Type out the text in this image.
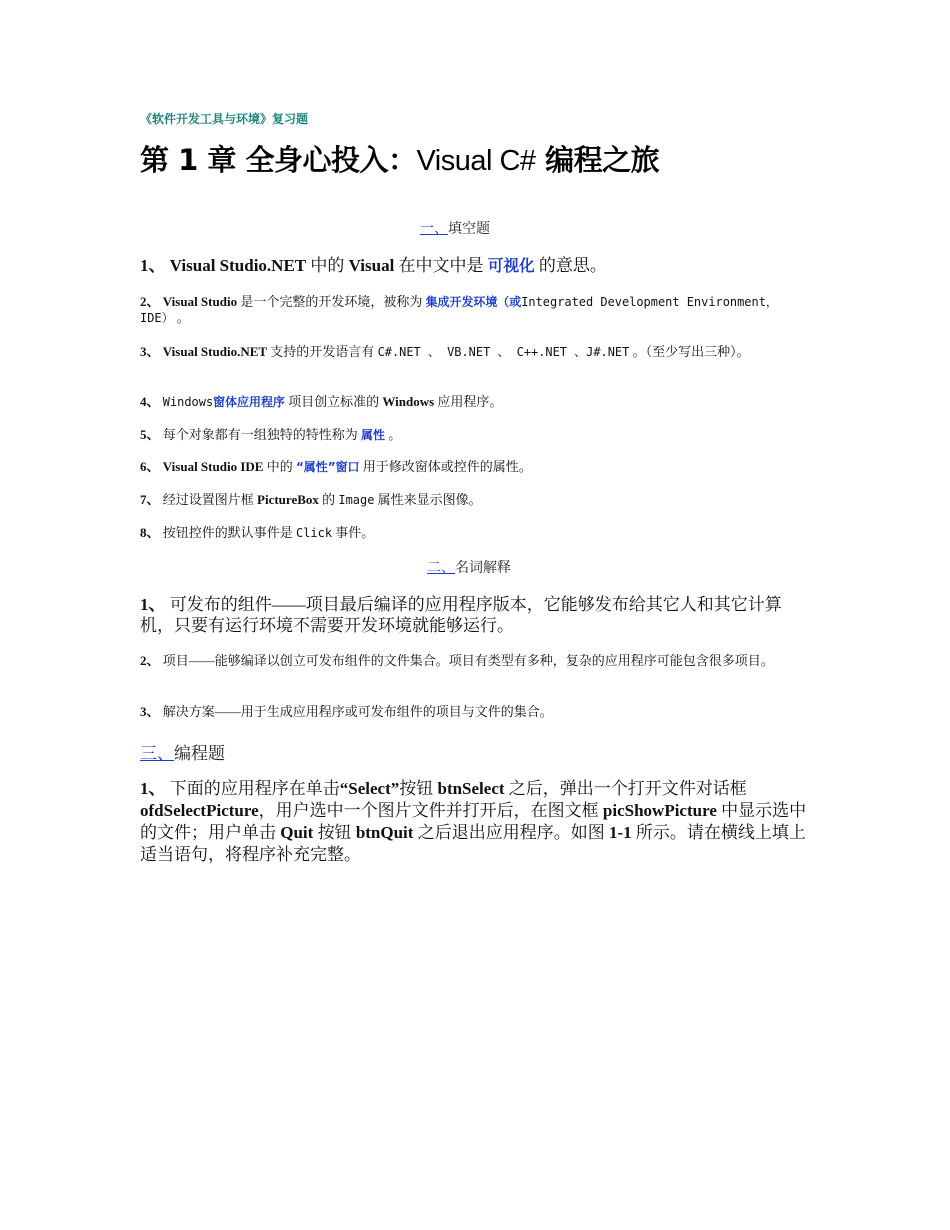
《软件开发工具与环境》复习题
第 1 章 全身心投入：Visual C# 编程之旅
一、填空题
1、 Visual Studio.NET 中的 Visual 在中文中是 可视化 的意思。
2、 Visual Studio 是一个完整的开发环境，被称为 集成开发环境（或Integrated Development Environment， IDE） 。
3、 Visual Studio.NET 支持的开发语言有 C#.NET 、 VB.NET 、 C++.NET 、J#.NET 。（至少写出三种）。
4、 Windows窗体应用程序 项目创立标准的 Windows 应用程序。
5、 每个对象都有一组独特的特性称为 属性 。
6、 Visual Studio IDE 中的 “属性”窗口 用于修改窗体或控件的属性。
7、 经过设置图片框 PictureBox 的 Image 属性来显示图像。
8、 按钮控件的默认事件是 Click 事件。
二、名词解释
1、 可发布的组件——项目最后编译的应用程序版本，它能够发布给其它人和其它计算机，只要有运行环境不需要开发环境就能够运行。
2、 项目——能够编译以创立可发布组件的文件集合。项目有类型有多种，复杂的应用程序可能包含很多项目。
3、 解决方案——用于生成应用程序或可发布组件的项目与文件的集合。
三、编程题
1、 下面的应用程序在单击“Select”按钮 btnSelect 之后，弹出一个打开文件对话框 ofdSelectPicture，用户选中一个图片文件并打开后，在图文框 picShowPicture 中显示选中的文件；用户单击 Quit 按钮 btnQuit 之后退出应用程序。如图 1-1 所示。请在横线上填上适当语句，将程序补充完整。
